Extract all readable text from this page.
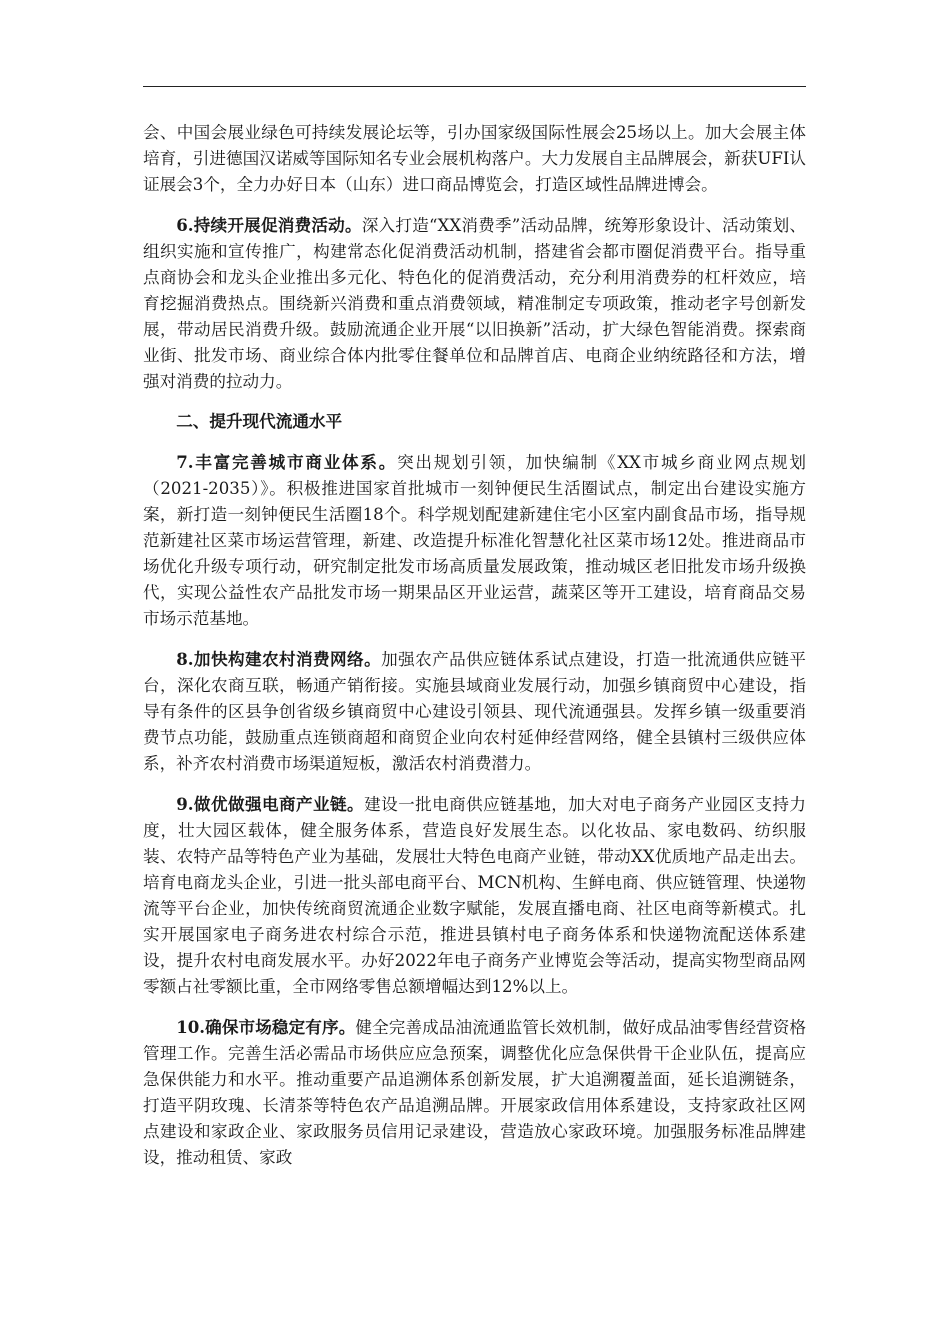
会、中国会展业绿色可持续发展论坛等，引办国家级国际性展会25场以上。加大会展主体培育，引进德国汉诺威等国际知名专业会展机构落户。大力发展自主品牌展会，新获UFI认证展会3个，全力办好日本（山东）进口商品博览会，打造区域性品牌进博会。

6.持续开展促消费活动。深入打造“XX消费季”活动品牌，统筹形象设计、活动策划、组织实施和宣传推广，构建常态化促消费活动机制，搭建省会都市圈促消费平台。指导重点商协会和龙头企业推出多元化、特色化的促消费活动，充分利用消费券的杠杆效应，培育挖掘消费热点。围绕新兴消费和重点消费领域，精准制定专项政策，推动老字号创新发展，带动居民消费升级。鼓励流通企业开展“以旧换新”活动，扩大绿色智能消费。探索商业街、批发市场、商业综合体内批零住餐单位和品牌首店、电商企业纳统路径和方法，增强对消费的拉动力。

二、提升现代流通水平

7.丰富完善城市商业体系。突出规划引领，加快编制《XX市城乡商业网点规划（2021-2035）》。积极推进国家首批城市一刻钟便民生活圈试点，制定出台建设实施方案，新打造一刻钟便民生活圈18个。科学规划配建新建住宅小区室内副食品市场，指导规范新建社区菜市场运营管理，新建、改造提升标准化智慧化社区菜市场12处。推进商品市场优化升级专项行动，研究制定批发市场高质量发展政策，推动城区老旧批发市场升级换代，实现公益性农产品批发市场一期果品区开业运营，蔬菜区等开工建设，培育商品交易市场示范基地。

8.加快构建农村消费网络。加强农产品供应链体系试点建设，打造一批流通供应链平台，深化农商互联，畅通产销衔接。实施县域商业发展行动，加强乡镇商贸中心建设，指导有条件的区县争创省级乡镇商贸中心建设引领县、现代流通强县。发挥乡镇一级重要消费节点功能，鼓励重点连锁商超和商贸企业向农村延伸经营网络，健全县镇村三级供应体系，补齐农村消费市场渠道短板，激活农村消费潜力。

9.做优做强电商产业链。建设一批电商供应链基地，加大对电子商务产业园区支持力度，壮大园区载体，健全服务体系，营造良好发展生态。以化妆品、家电数码、纺织服装、农特产品等特色产业为基础，发展壮大特色电商产业链，带动XX优质地产品走出去。培育电商龙头企业，引进一批头部电商平台、MCN机构、生鲜电商、供应链管理、快递物流等平台企业，加快传统商贸流通企业数字赋能，发展直播电商、社区电商等新模式。扎实开展国家电子商务进农村综合示范，推进县镇村电子商务体系和快递物流配送体系建设，提升农村电商发展水平。办好2022年电子商务产业博览会等活动，提高实物型商品网零额占社零额比重，全市网络零售总额增幅达到12%以上。

10.确保市场稳定有序。健全完善成品油流通监管长效机制，做好成品油零售经营资格管理工作。完善生活必需品市场供应应急预案，调整优化应急保供骨干企业队伍，提高应急保供能力和水平。推动重要产品追溯体系创新发展，扩大追溯覆盖面，延长追溯链条，打造平阴玫瑰、长清茶等特色农产品追溯品牌。开展家政信用体系建设，支持家政社区网点建设和家政企业、家政服务员信用记录建设，营造放心家政环境。加强服务标准品牌建设，推动租赁、家政
